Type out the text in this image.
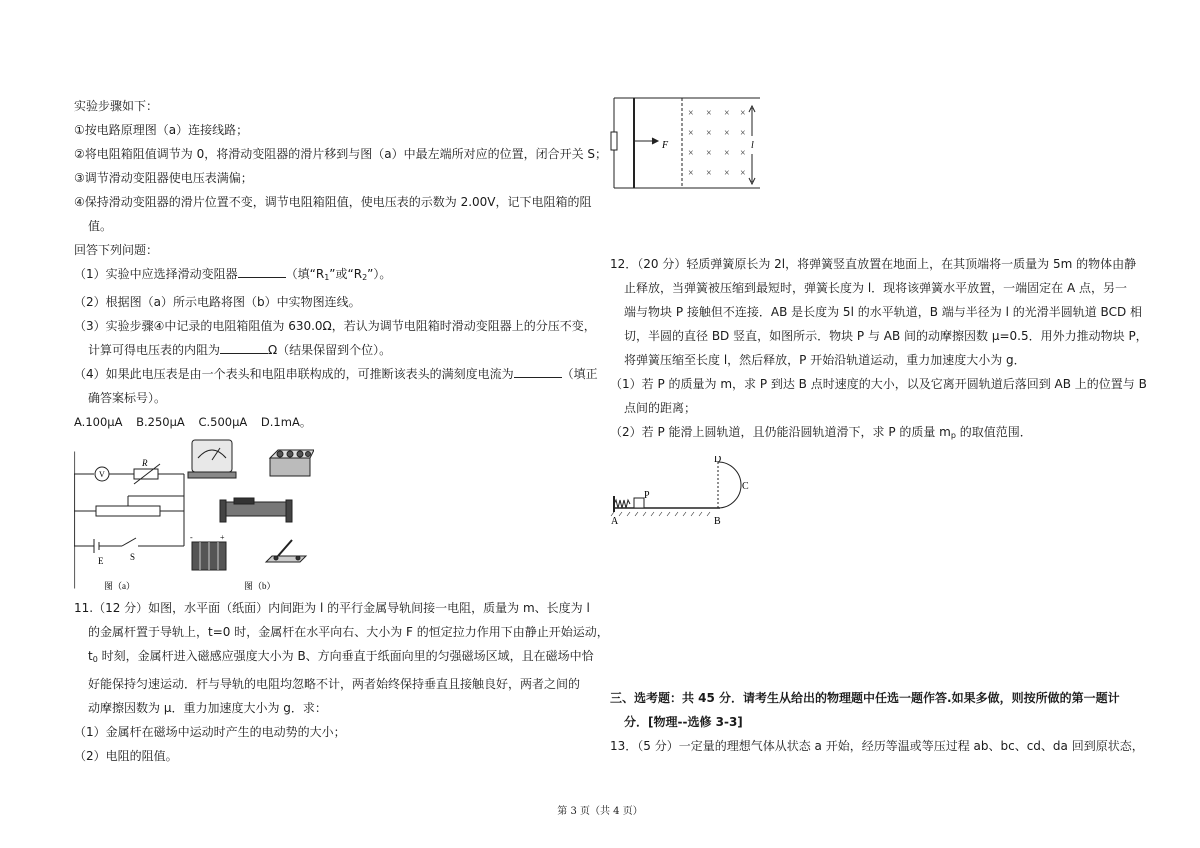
实验步骤如下：
①按电路原理图（a）连接线路；
②将电阻箱阻值调节为 0，将滑动变阻器的滑片移到与图（a）中最左端所对应的位置，闭合开关 S；
③调节滑动变阻器使电压表满偏；
④保持滑动变阻器的滑片位置不变，调节电阻箱阻值，使电压表的示数为 2.00V，记下电阻箱的阻
值。
回答下列问题：
（1）实验中应选择滑动变阻器	（填“$R_1$”或“$R_2$”）。
（2）根据图（a）所示电路将图（b）中实物图连线。
（3）实验步骤④中记录的电阻箱阻值为 630.0Ω，若认为调节电阻箱时滑动变阻器上的分压不变，
计算可得电压表的内阻为	Ω（结果保留到个位）。
（4）如果此电压表是由一个表头和电阻串联构成的，可推断该表头的满刻度电流为	（填正
确答案标号）。
A.100μA B.250μA C.500μA D.1mA。
V
R
E	S
图（a）
-	+
图（b）
11.（12 分）如图，水平面（纸面）内间距为 l 的平行金属导轨间接一电阻，质量为 m、长度为 l
的金属杆置于导轨上，t=0 时，金属杆在水平向右、大小为 F 的恒定拉力作用下由静止开始运动，
$t_0$ 时刻，金属杆进入磁感应强度大小为 B、方向垂直于纸面向里的匀强磁场区域，且在磁场中恰
好能保持匀速运动．杆与导轨的电阻均忽略不计，两者始终保持垂直且接触良好，两者之间的
动摩擦因数为 μ．重力加速度大小为 g．求：
（1）金属杆在磁场中运动时产生的电动势的大小；
（2）电阻的阻值。
F	l
× × × ×
× × × ×
× × × ×
× × × ×
12．（20 分）轻质弹簧原长为 2l，将弹簧竖直放置在地面上，在其顶端将一质量为 5m 的物体由静
止释放，当弹簧被压缩到最短时，弹簧长度为 l．现将该弹簧水平放置，一端固定在 A 点，另一
端与物块 P 接触但不连接．AB 是长度为 5l 的水平轨道，B 端与半径为 l 的光滑半圆轨道 BCD 相
切，半圆的直径 BD 竖直，如图所示．物块 P 与 AB 间的动摩擦因数 μ=0.5．用外力推动物块 P，
将弹簧压缩至长度 l，然后释放，P 开始沿轨道运动，重力加速度大小为 g．
（1）若 P 的质量为 m，求 P 到达 B 点时速度的大小，以及它离开圆轨道后落回到 AB 上的位置与 B
点间的距离；
（2）若 P 能滑上圆轨道，且仍能沿圆轨道滑下，求 P 的质量 $m_p$ 的取值范围．
D
C
P
A	B
三、选考题：共 45 分．请考生从给出的物理题中任选一题作答.如果多做，则按所做的第一题计
分．[物理--选修 3-3]
13．（5 分）一定量的理想气体从状态 a 开始，经历等温或等压过程 ab、bc、cd、da 回到原状态，
第 3 页（共 4 页）
